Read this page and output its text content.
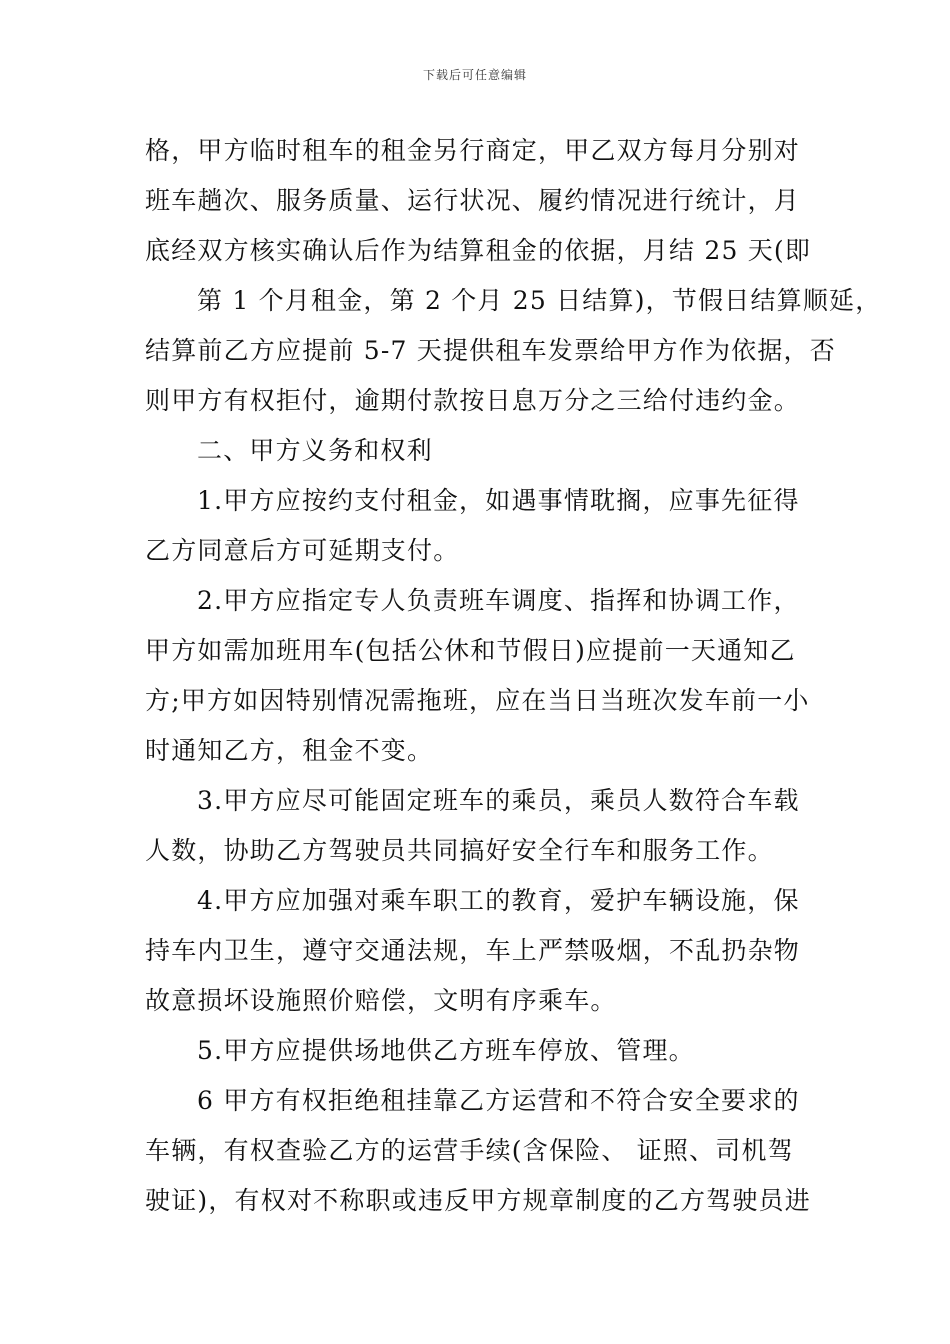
下载后可任意编辑
格，甲方临时租车的租金另行商定，甲乙双方每月分别对
班车趟次、服务质量、运行状况、履约情况进行统计，月
底经双方核实确认后作为结算租金的依据，月结 25 天(即
第 1 个月租金，第 2 个月 25 日结算)，节假日结算顺延，
结算前乙方应提前 5-7 天提供租车发票给甲方作为依据，否
则甲方有权拒付，逾期付款按日息万分之三给付违约金。
二、甲方义务和权利
1.甲方应按约支付租金，如遇事情耽搁，应事先征得
乙方同意后方可延期支付。
2.甲方应指定专人负责班车调度、指挥和协调工作，
甲方如需加班用车(包括公休和节假日)应提前一天通知乙
方;甲方如因特别情况需拖班，应在当日当班次发车前一小
时通知乙方，租金不变。
3.甲方应尽可能固定班车的乘员，乘员人数符合车载
人数，协助乙方驾驶员共同搞好安全行车和服务工作。
4.甲方应加强对乘车职工的教育，爱护车辆设施，保
持车内卫生，遵守交通法规，车上严禁吸烟，不乱扔杂物
故意损坏设施照价赔偿，文明有序乘车。
5.甲方应提供场地供乙方班车停放、管理。
6 甲方有权拒绝租挂靠乙方运营和不符合安全要求的
车辆，有权查验乙方的运营手续(含保险、 证照、司机驾
驶证)，有权对不称职或违反甲方规章制度的乙方驾驶员进
